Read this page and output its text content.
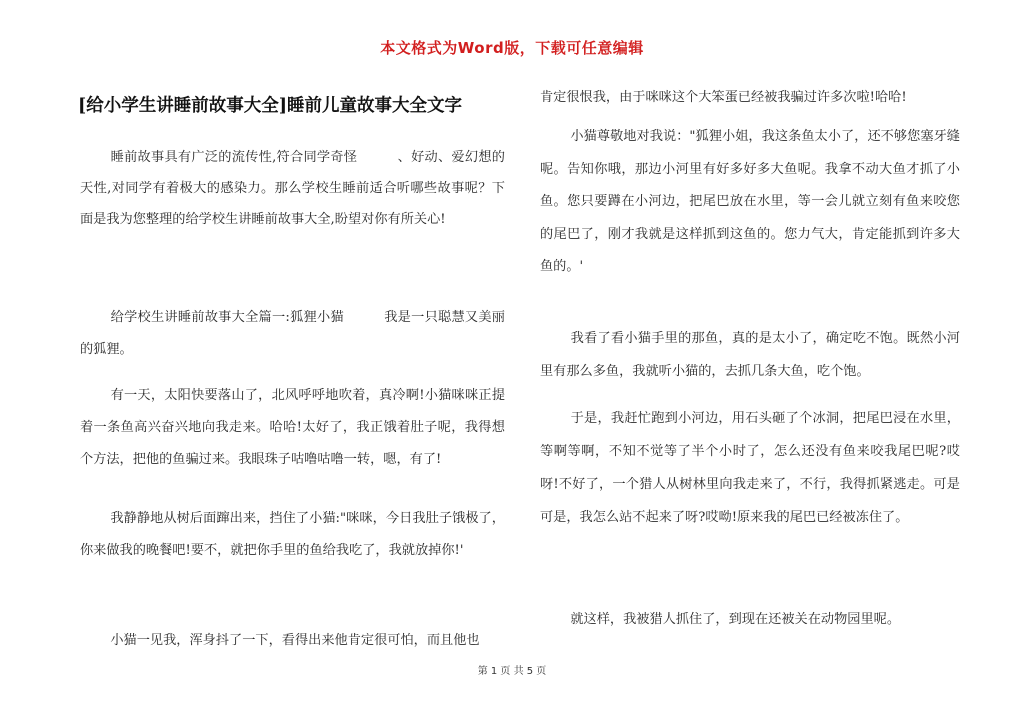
本文格式为Word版，下载可任意编辑
[给小学生讲睡前故事大全]睡前儿童故事大全文字
睡前故事具有广泛的流传性,符合同学奇怪　　　、好动、爱幻想的天性,对同学有着极大的感染力。那么学校生睡前适合听哪些故事呢？下面是我为您整理的给学校生讲睡前故事大全,盼望对你有所关心!
给学校生讲睡前故事大全篇一:狐狸小猫　　　我是一只聪慧又美丽的狐狸。
有一天，太阳快要落山了，北风呼呼地吹着，真冷啊!小猫咪咪正提着一条鱼高兴奋兴地向我走来。哈哈!太好了，我正饿着肚子呢，我得想个方法，把他的鱼骗过来。我眼珠子咕噜咕噜一转，嗯，有了!
我静静地从树后面蹿出来，挡住了小猫:"咪咪，今日我肚子饿极了，你来做我的晚餐吧!要不，就把你手里的鱼给我吃了，我就放掉你!'
小猫一见我，浑身抖了一下，看得出来他肯定很可怕，而且他也
肯定很恨我，由于咪咪这个大笨蛋已经被我骗过许多次啦!哈哈!
小猫尊敬地对我说："狐狸小姐，我这条鱼太小了，还不够您塞牙缝呢。告知你哦，那边小河里有好多好多大鱼呢。我拿不动大鱼才抓了小鱼。您只要蹲在小河边，把尾巴放在水里，等一会儿就立刻有鱼来咬您的尾巴了，刚才我就是这样抓到这鱼的。您力气大，肯定能抓到许多大鱼的。'
我看了看小猫手里的那鱼，真的是太小了，确定吃不饱。既然小河里有那么多鱼，我就听小猫的，去抓几条大鱼，吃个饱。
于是，我赶忙跑到小河边，用石头砸了个冰洞，把尾巴浸在水里，等啊等啊，不知不觉等了半个小时了，怎么还没有鱼来咬我尾巴呢?哎呀!不好了，一个猎人从树林里向我走来了，不行，我得抓紧逃走。可是可是，我怎么站不起来了呀?哎呦!原来我的尾巴已经被冻住了。
就这样，我被猎人抓住了，到现在还被关在动物园里呢。
第 1 页 共 5 页
